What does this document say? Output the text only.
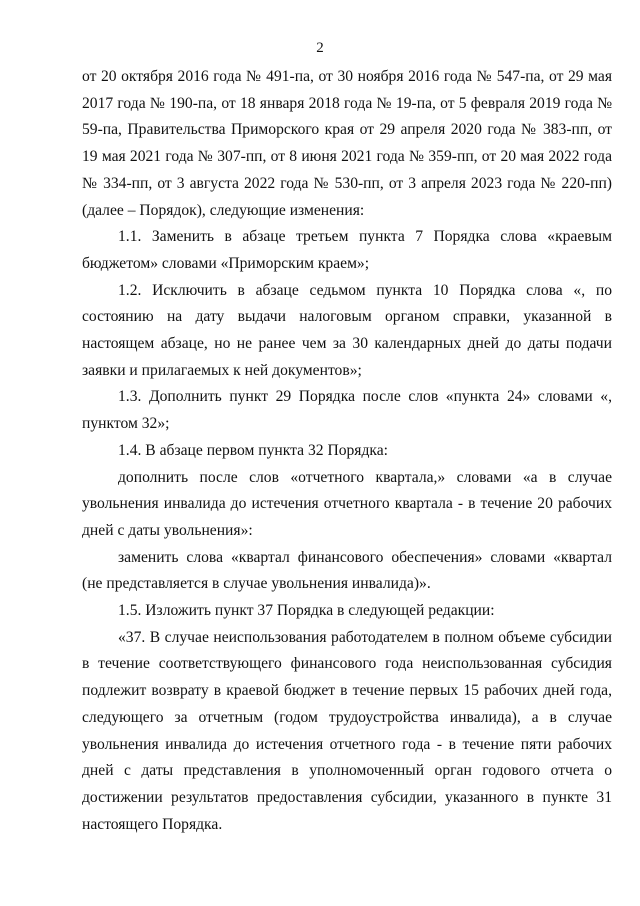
2

от 20 октября 2016 года № 491-па, от 30 ноября 2016 года № 547-па, от 29 мая 2017 года № 190-па, от 18 января 2018 года № 19-па, от 5 февраля 2019 года № 59-па, Правительства Приморского края от 29 апреля 2020 года № 383-пп, от 19 мая 2021 года № 307-пп, от 8 июня 2021 года № 359-пп, от 20 мая 2022 года № 334-пп, от 3 августа 2022 года № 530-пп, от 3 апреля 2023 года № 220-пп) (далее – Порядок), следующие изменения:

1.1. Заменить в абзаце третьем пункта 7 Порядка слова «краевым бюджетом» словами «Приморским краем»;

1.2. Исключить в абзаце седьмом пункта 10 Порядка слова «, по состоянию на дату выдачи налоговым органом справки, указанной в настоящем абзаце, но не ранее чем за 30 календарных дней до даты подачи заявки и прилагаемых к ней документов»;

1.3. Дополнить пункт 29 Порядка после слов «пункта 24» словами «, пунктом 32»;

1.4. В абзаце первом пункта 32 Порядка:

дополнить после слов «отчетного квартала,» словами «а в случае увольнения инвалида до истечения отчетного квартала - в течение 20 рабочих дней с даты увольнения»:

заменить слова «квартал финансового обеспечения» словами «квартал (не представляется в случае увольнения инвалида)».

1.5. Изложить пункт 37 Порядка в следующей редакции:

«37. В случае неиспользования работодателем в полном объеме субсидии в течение соответствующего финансового года неиспользованная субсидия подлежит возврату в краевой бюджет в течение первых 15 рабочих дней года, следующего за отчетным (годом трудоустройства инвалида), а в случае увольнения инвалида до истечения отчетного года - в течение пяти рабочих дней с даты представления в уполномоченный орган годового отчета о достижении результатов предоставления субсидии, указанного в пункте 31 настоящего Порядка.
